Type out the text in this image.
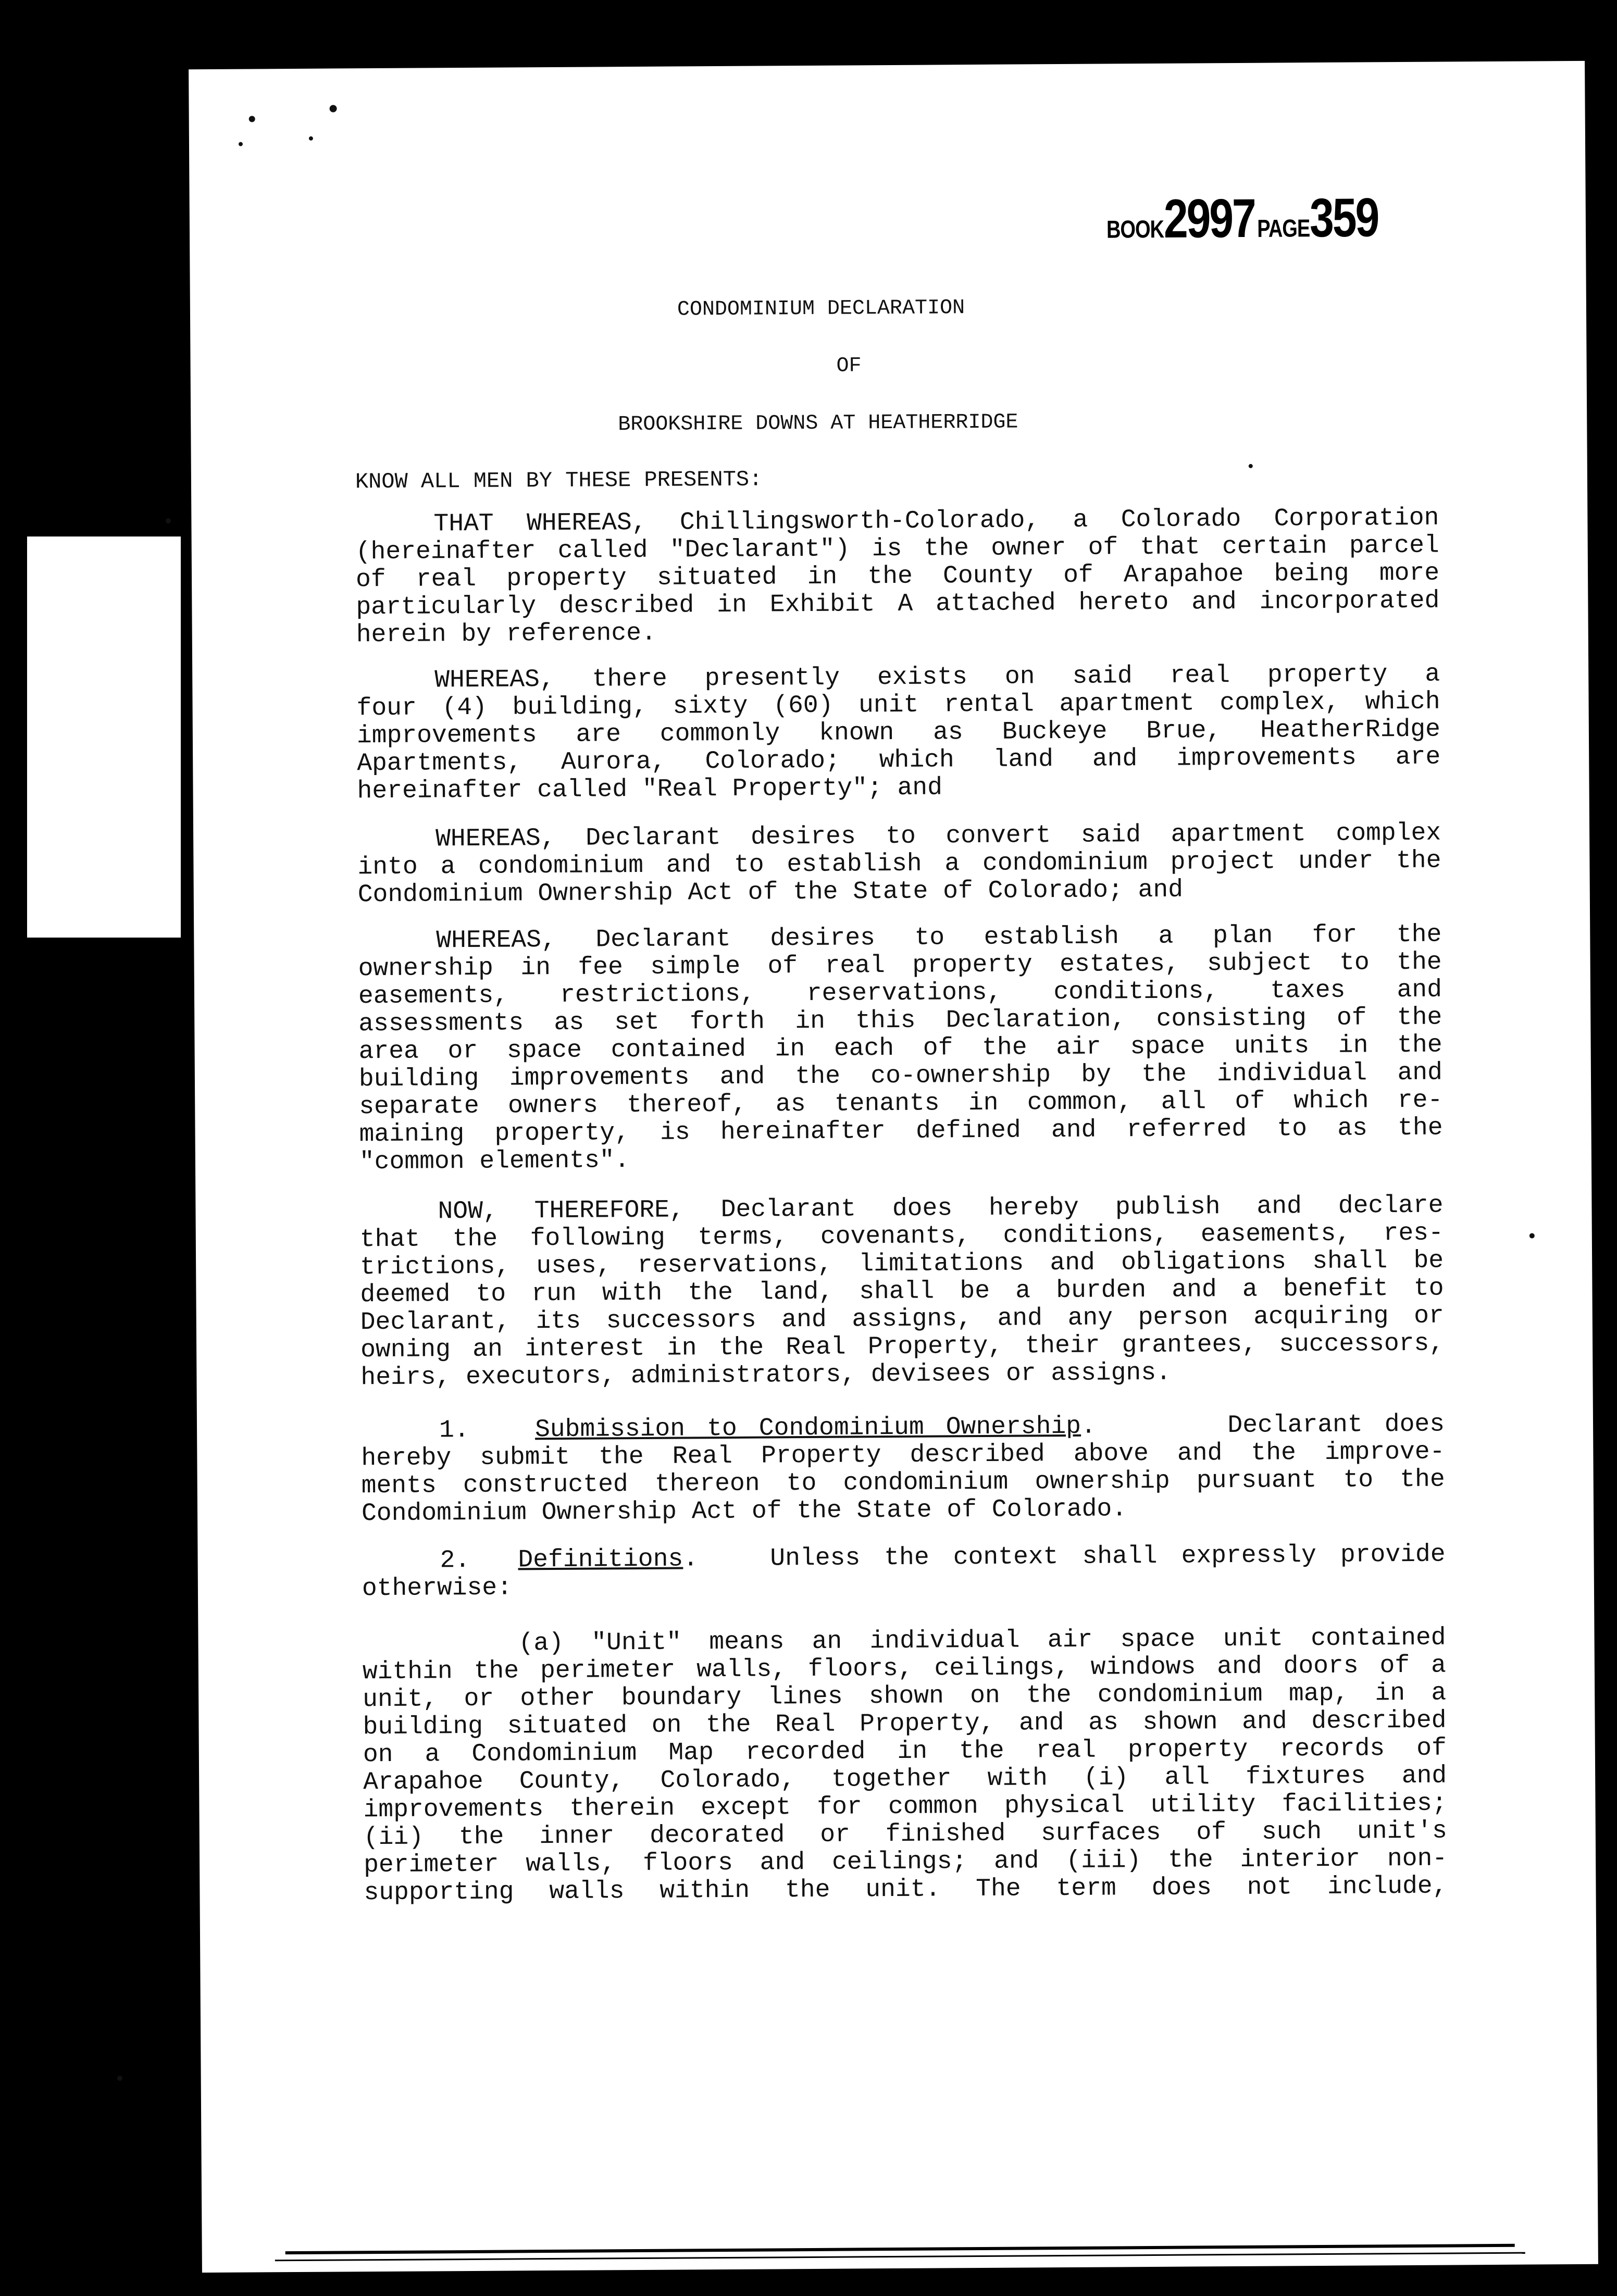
BOOK2997 PAGE359
CONDOMINIUM DECLARATION
OF
BROOKSHIRE DOWNS AT HEATHERRIDGE
KNOW ALL MEN BY THESE PRESENTS:

THAT WHEREAS, Chillingsworth-Colorado, a Colorado Corporation
(hereinafter called "Declarant") is the owner of that certain parcel
of real property situated in the County of Arapahoe being more
particularly described in Exhibit A attached hereto and incorporated
herein by reference.

WHEREAS, there presently exists on said real property a
four (4) building, sixty (60) unit rental apartment complex, which
improvements are commonly known as Buckeye Brue, HeatherRidge
Apartments, Aurora, Colorado; which land and improvements are
hereinafter called "Real Property"; and

WHEREAS, Declarant desires to convert said apartment complex
into a condominium and to establish a condominium project under the
Condominium Ownership Act of the State of Colorado; and

WHEREAS, Declarant desires to establish a plan for the
ownership in fee simple of real property estates, subject to the
easements, restrictions, reservations, conditions, taxes and
assessments as set forth in this Declaration, consisting of the
area or space contained in each of the air space units in the
building improvements and the co-ownership by the individual and
separate owners thereof, as tenants in common, all of which re-
maining property, is hereinafter defined and referred to as the
"common elements".

NOW, THEREFORE, Declarant does hereby publish and declare
that the following terms, covenants, conditions, easements, res-
trictions, uses, reservations, limitations and obligations shall be
deemed to run with the land, shall be a burden and a benefit to
Declarant, its successors and assigns, and any person acquiring or
owning an interest in the Real Property, their grantees, successors,
heirs, executors, administrators, devisees or assigns.

1.	Submission to Condominium Ownership.      Declarant does
hereby submit the Real Property described above and the improve-
ments constructed thereon to condominium ownership pursuant to the
Condominium Ownership Act of the State of Colorado.

2. Definitions.   Unless the context shall expressly provide
otherwise:

(a) "Unit" means an individual air space unit contained
within the perimeter walls, floors, ceilings, windows and doors of a
unit, or other boundary lines shown on the condominium map, in a
building situated on the Real Property, and as shown and described
on a Condominium Map recorded in the real property records of
Arapahoe County, Colorado, together with (i) all fixtures and
improvements therein except for common physical utility facilities;
(ii) the inner decorated or finished surfaces of such unit's
perimeter walls, floors and ceilings; and (iii) the interior non-
supporting walls within the unit. The term does not include,
